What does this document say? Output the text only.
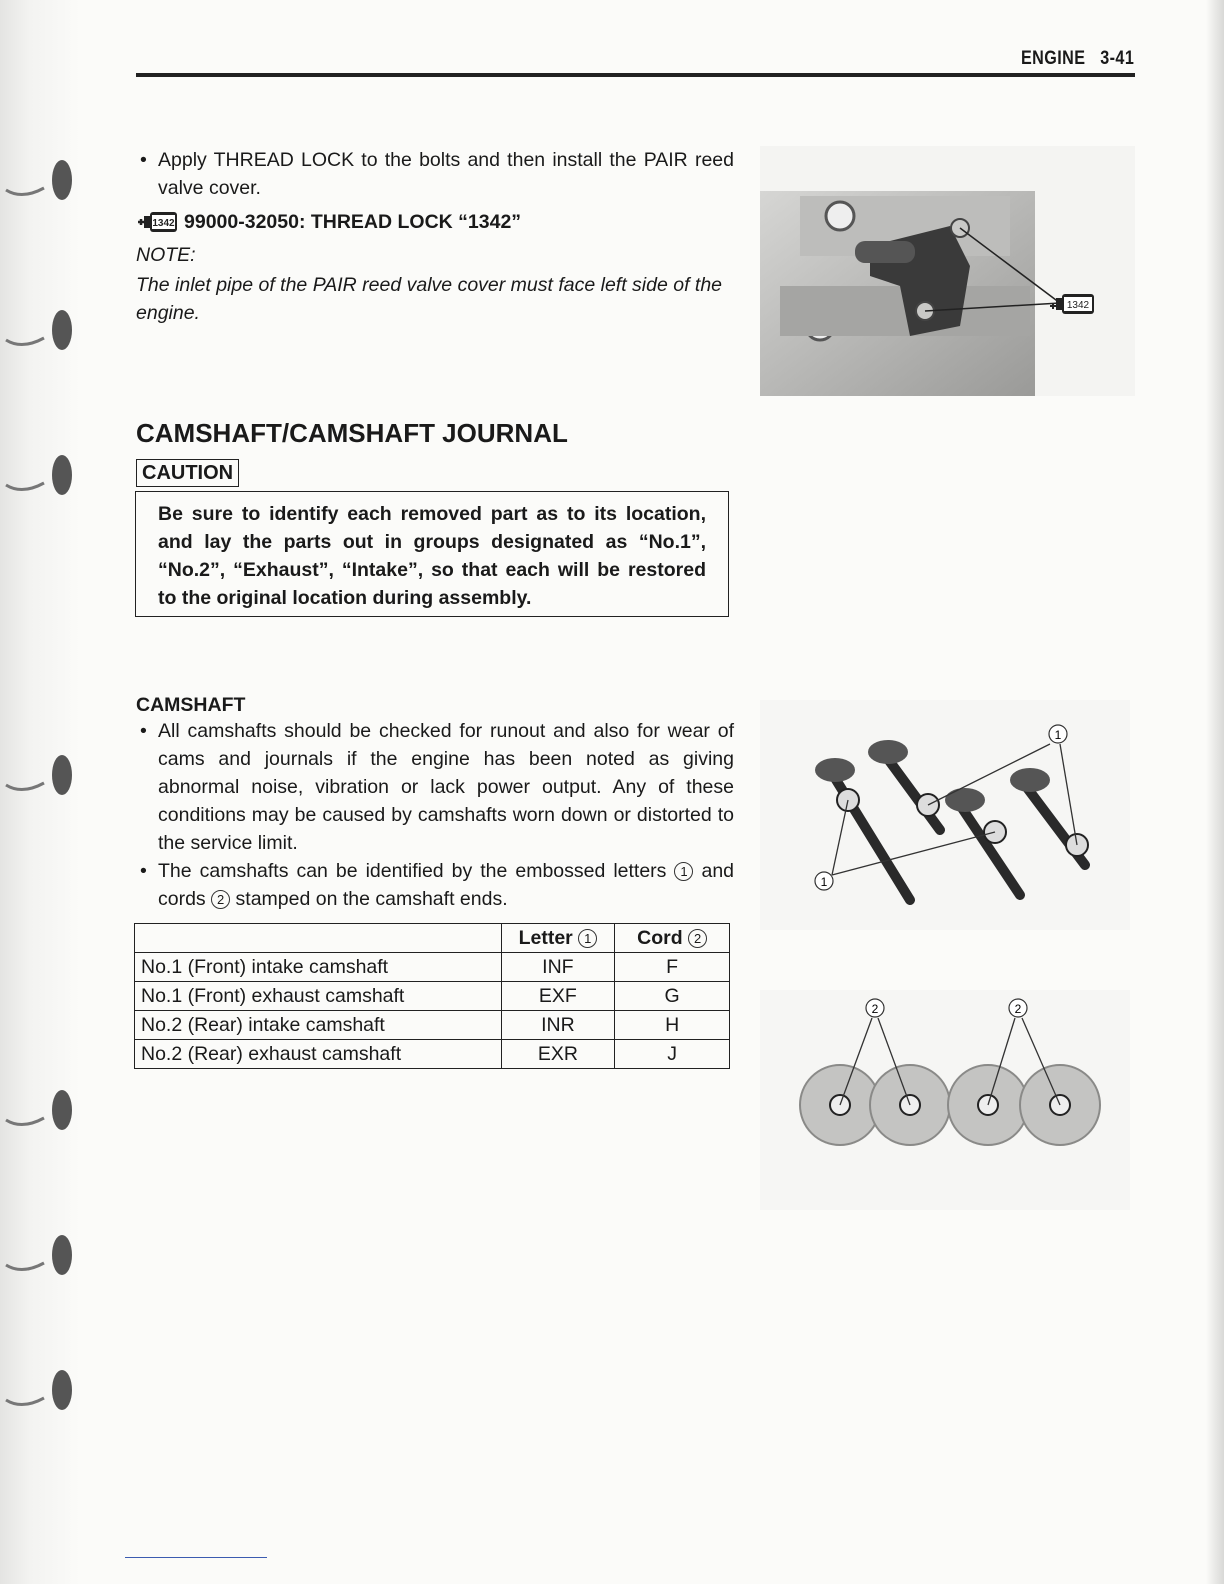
ENGINE 3-41
• Apply THREAD LOCK to the bolts and then install the PAIR reed valve cover.
1342 99000-32050: THREAD LOCK “1342”
NOTE:
The inlet pipe of the PAIR reed valve cover must face left side of the engine.	1342
CAMSHAFT/CAMSHAFT JOURNAL
CAUTION
Be sure to identify each removed part as to its location, and lay the parts out in groups designated as “No.1”, “No.2”, “Exhaust”, “Intake”, so that each will be restored to the original location during assembly.
CAMSHAFT
• All camshafts should be checked for runout and also for wear of cams and journals if the engine has been noted as giving abnormal noise, vibration or lack power output. Any of these conditions may be caused by camshafts worn down or distorted to the service limit.
• The camshafts can be identified by the embossed letters 1 and cords 2 stamped on the camshaft ends.
	Letter 1	Cord 2
No.1 (Front) intake camshaft	INF	F
No.1 (Front) exhaust camshaft	EXF	G
No.2 (Rear) intake camshaft	INR	H
No.2 (Rear) exhaust camshaft	EXR	J
1
1
2	2
